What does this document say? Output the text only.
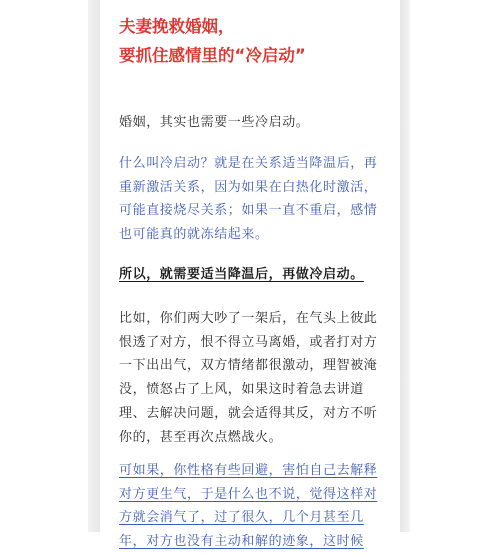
夫妻挽救婚姻，
要抓住感情里的“冷启动”

婚姻，其实也需要一些冷启动。

什么叫冷启动？就是在关系适当降温后，再
重新激活关系，因为如果在白热化时激活，
可能直接烧尽关系；如果一直不重启，感情
也可能真的就冻结起来。

所以，就需要适当降温后，再做冷启动。

比如，你们两大吵了一架后，在气头上彼此
恨透了对方，恨不得立马离婚，或者打对方
一下出出气，双方情绪都很激动，理智被淹
没，愤怒占了上风，如果这时着急去讲道
理、去解决问题，就会适得其反，对方不听
你的，甚至再次点燃战火。

可如果，你性格有些回避，害怕自己去解释
对方更生气，于是什么也不说，觉得这样对
方就会消气了，过了很久，几个月甚至几
年，对方也没有主动和解的迹象，这时候
